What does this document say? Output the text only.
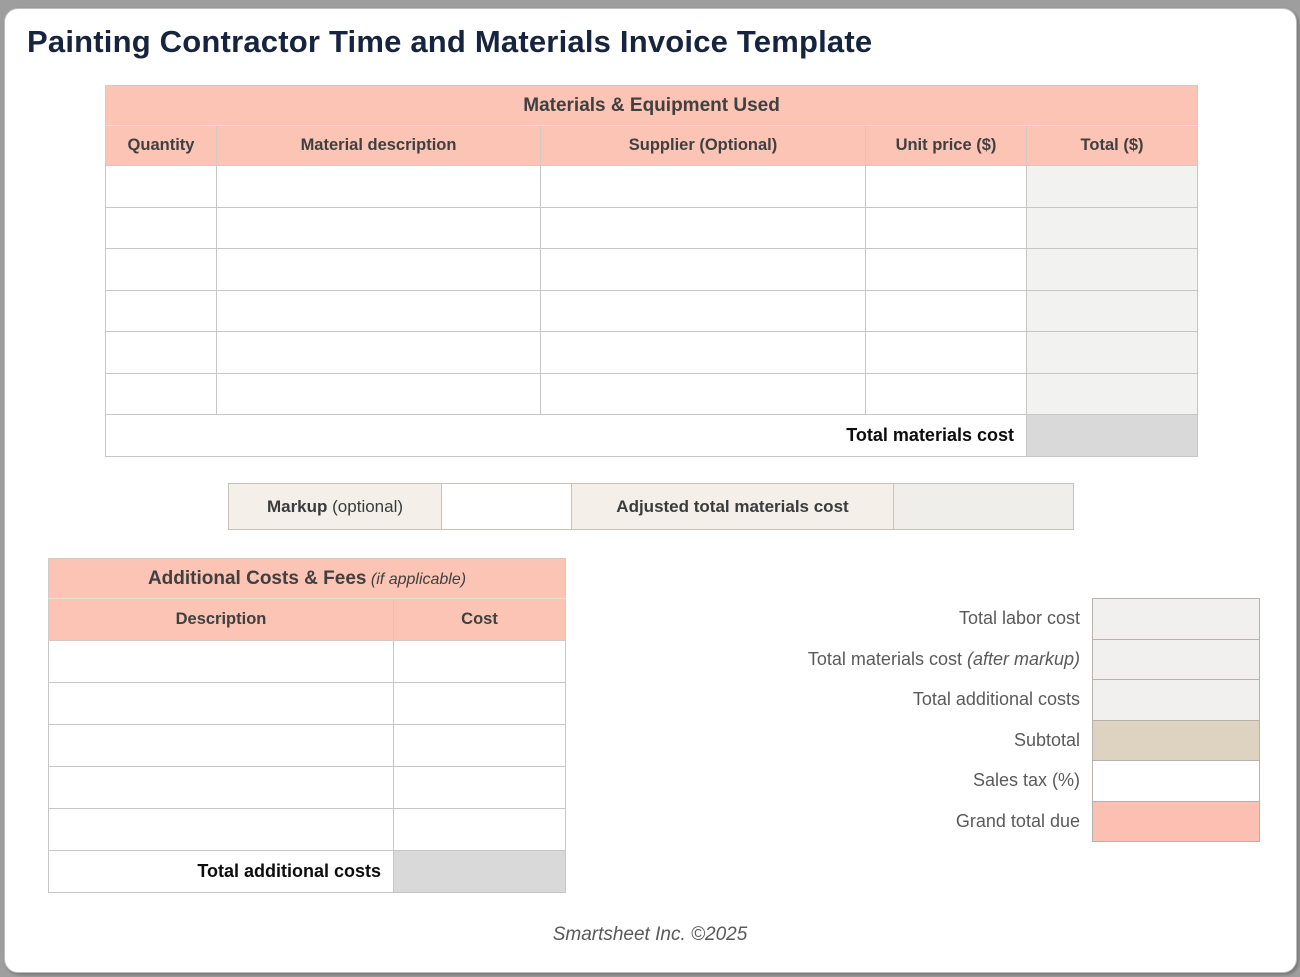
Painting Contractor Time and Materials Invoice Template
Materials & Equipment Used				
Quantity	Material description	Supplier (Optional)	Unit price ($)	Total ($)

Total materials cost				
Markup (optional)	Adjusted total materials cost
Additional Costs & Fees (if applicable)	
Description	Cost

Total additional costs	
Total labor cost
Total materials cost (after markup)
Total additional costs
Subtotal
Sales tax (%)
Grand total due
Smartsheet Inc. ©2025
